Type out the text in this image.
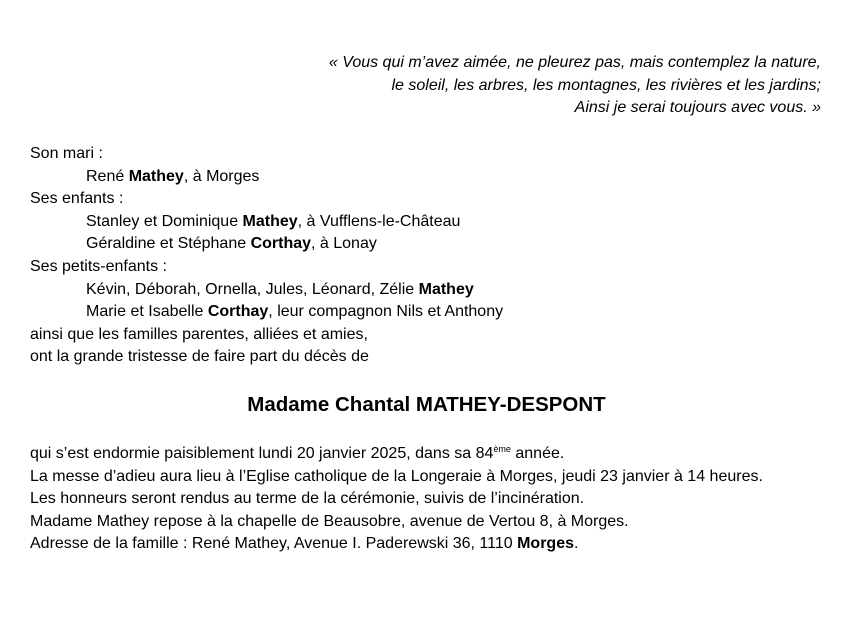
« Vous qui m’avez aimée, ne pleurez pas, mais contemplez la nature,
le soleil, les arbres, les montagnes, les rivières et les jardins;
Ainsi je serai toujours avec vous. »
Son mari :
René Mathey, à Morges
Ses enfants :
Stanley et Dominique Mathey, à Vufflens-le-Château
Géraldine et Stéphane Corthay, à Lonay
Ses petits-enfants :
Kévin, Déborah, Ornella, Jules, Léonard, Zélie Mathey
Marie et Isabelle Corthay, leur compagnon Nils et Anthony
ainsi que les familles parentes, alliées et amies,
ont la grande tristesse de faire part du décès de
Madame Chantal MATHEY-DESPONT
qui s’est endormie paisiblement lundi 20 janvier 2025, dans sa 84ème année.
La messe d’adieu aura lieu à l’Eglise catholique de la Longeraie à Morges, jeudi 23 janvier à 14 heures.
Les honneurs seront rendus au terme de la cérémonie, suivis de l’incinération.
Madame Mathey repose à la chapelle de Beausobre, avenue de Vertou 8, à Morges.
Adresse de la famille : René Mathey, Avenue I. Paderewski 36, 1110 Morges.
